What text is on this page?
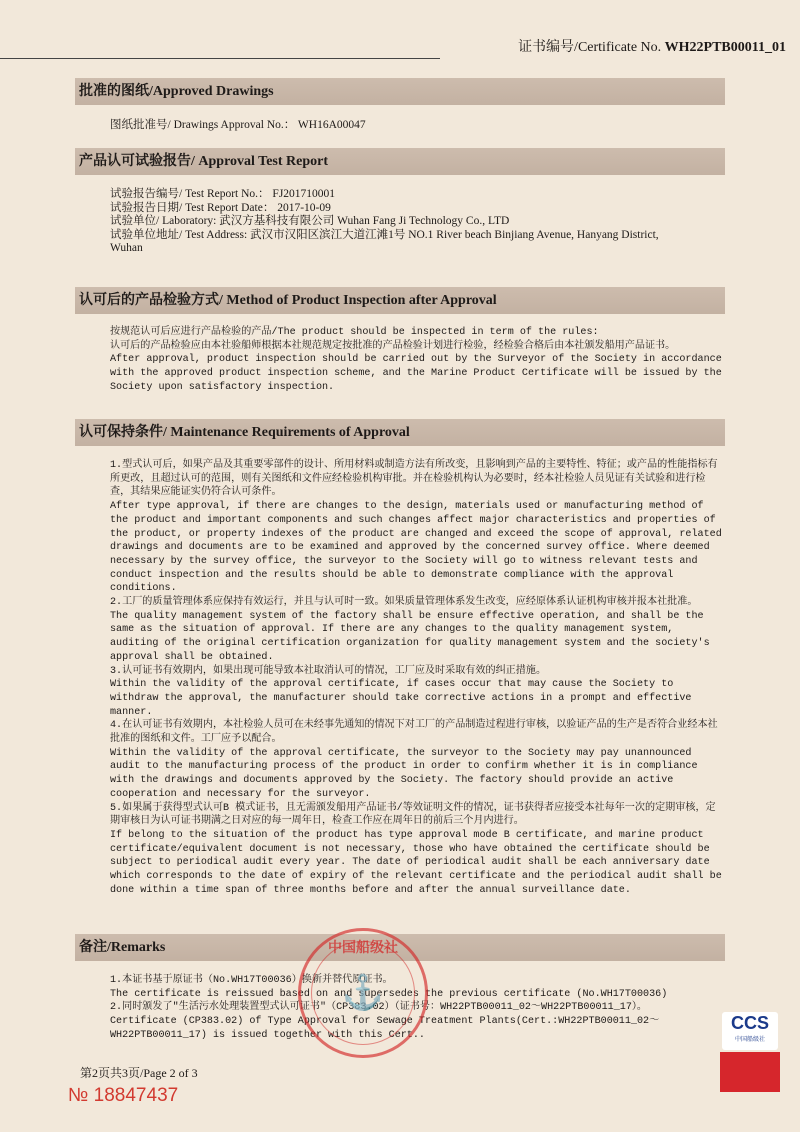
证书编号/Certificate No. WH22PTB00011_01
批准的图纸/Approved Drawings
图纸批准号/ Drawings Approval No.： WH16A00047
产品认可试验报告/ Approval Test Report
试验报告编号/ Test Report No.： FJ201710001
试验报告日期/ Test Report Date： 2017-10-09
试验单位/ Laboratory: 武汉方基科技有限公司 Wuhan Fang Ji Technology Co., LTD
试验单位地址/ Test Address: 武汉市汉阳区滨江大道江滩1号 NO.1 River beach Binjiang Avenue, Hanyang District,
Wuhan
认可后的产品检验方式/ Method of Product Inspection after Approval

按规范认可后应进行产品检验的产品/The product should be inspected in term of the rules:

认可后的产品检验应由本社验船师根据本社规范规定按批准的产品检验计划进行检验，经检验合格后由本社颁发船用产品证书。

After approval, product inspection should be carried out by the Surveyor of the Society in accordance with the approved product inspection scheme, and the Marine Product Certificate will be issued by the Society upon satisfactory inspection.

认可保持条件/ Maintenance Requirements of Approval

1.型式认可后，如果产品及其重要零部件的设计、所用材料或制造方法有所改变，且影响到产品的主要特性、特征；或产品的性能指标有所更改，且超过认可的范围，则有关图纸和文件应经检验机构审批。并在检验机构认为必要时，经本社检验人员见证有关试验和进行检查，其结果应能证实仍符合认可条件。

After type approval, if there are changes to the design, materials used or manufacturing method of the product and important components and such changes affect major characteristics and properties of the product, or property indexes of the product are changed and exceed the scope of approval, related drawings and documents are to be examined and approved by the concerned survey office. Where deemed necessary by the survey office, the surveyor to the Society will go to witness relevant tests and conduct inspection and the results should be able to demonstrate compliance with the approval conditions.

2.工厂的质量管理体系应保持有效运行，并且与认可时一致。如果质量管理体系发生改变，应经原体系认证机构审核并报本社批准。

The quality management system of the factory shall be ensure effective operation, and shall be the same as the situation of approval. If there are any changes to the quality management system, auditing of the original certification organization for quality management system and the society's approval shall be obtained.

3.认可证书有效期内，如果出现可能导致本社取消认可的情况，工厂应及时采取有效的纠正措施。

Within the validity of the approval certificate, if cases occur that may cause the Society to withdraw the approval, the manufacturer should take corrective actions in a prompt and effective manner.

4.在认可证书有效期内，本社检验人员可在未经事先通知的情况下对工厂的产品制造过程进行审核，以验证产品的生产是否符合业经本社批准的图纸和文件。工厂应予以配合。

Within the validity of the approval certificate, the surveyor to the Society may pay unannounced audit to the manufacturing process of the product in order to confirm whether it is in compliance with the drawings and documents approved by the Society. The factory should provide an active cooperation and necessary for the surveyor.

5.如果属于获得型式认可B 模式证书，且无需颁发船用产品证书/等效证明文件的情况，证书获得者应接受本社每年一次的定期审核，定期审核日为认可证书期满之日对应的每一周年日，检查工作应在周年日的前后三个月内进行。

If belong to the situation of the product has type approval mode B certificate, and marine product certificate/equivalent document is not necessary, those who have obtained the certificate should be subject to periodical audit every year. The date of periodical audit shall be each anniversary date which corresponds to the date of expiry of the relevant certificate and the periodical audit shall be done within a time span of three months before and after the annual surveillance date.

备注/Remarks

1.本证书基于原证书（No.WH17T00036）换新并替代原证书。

The certificate is reissued based on and supersedes the previous certificate (No.WH17T00036)

2.同时颁发了"生活污水处理装置型式认可证书"（CP383.02）（证书号：WH22PTB00011_02～WH22PTB00011_17）。

Certificate (CP383.02) of Type Approval for Sewage Treatment Plants(Cert.:WH22PTB00011_02～WH22PTB00011_17) is issued together with this Cert..

中国船级社
⚓
CCS
中国船级社
第2页共3页/Page 2 of 3
№ 18847437
